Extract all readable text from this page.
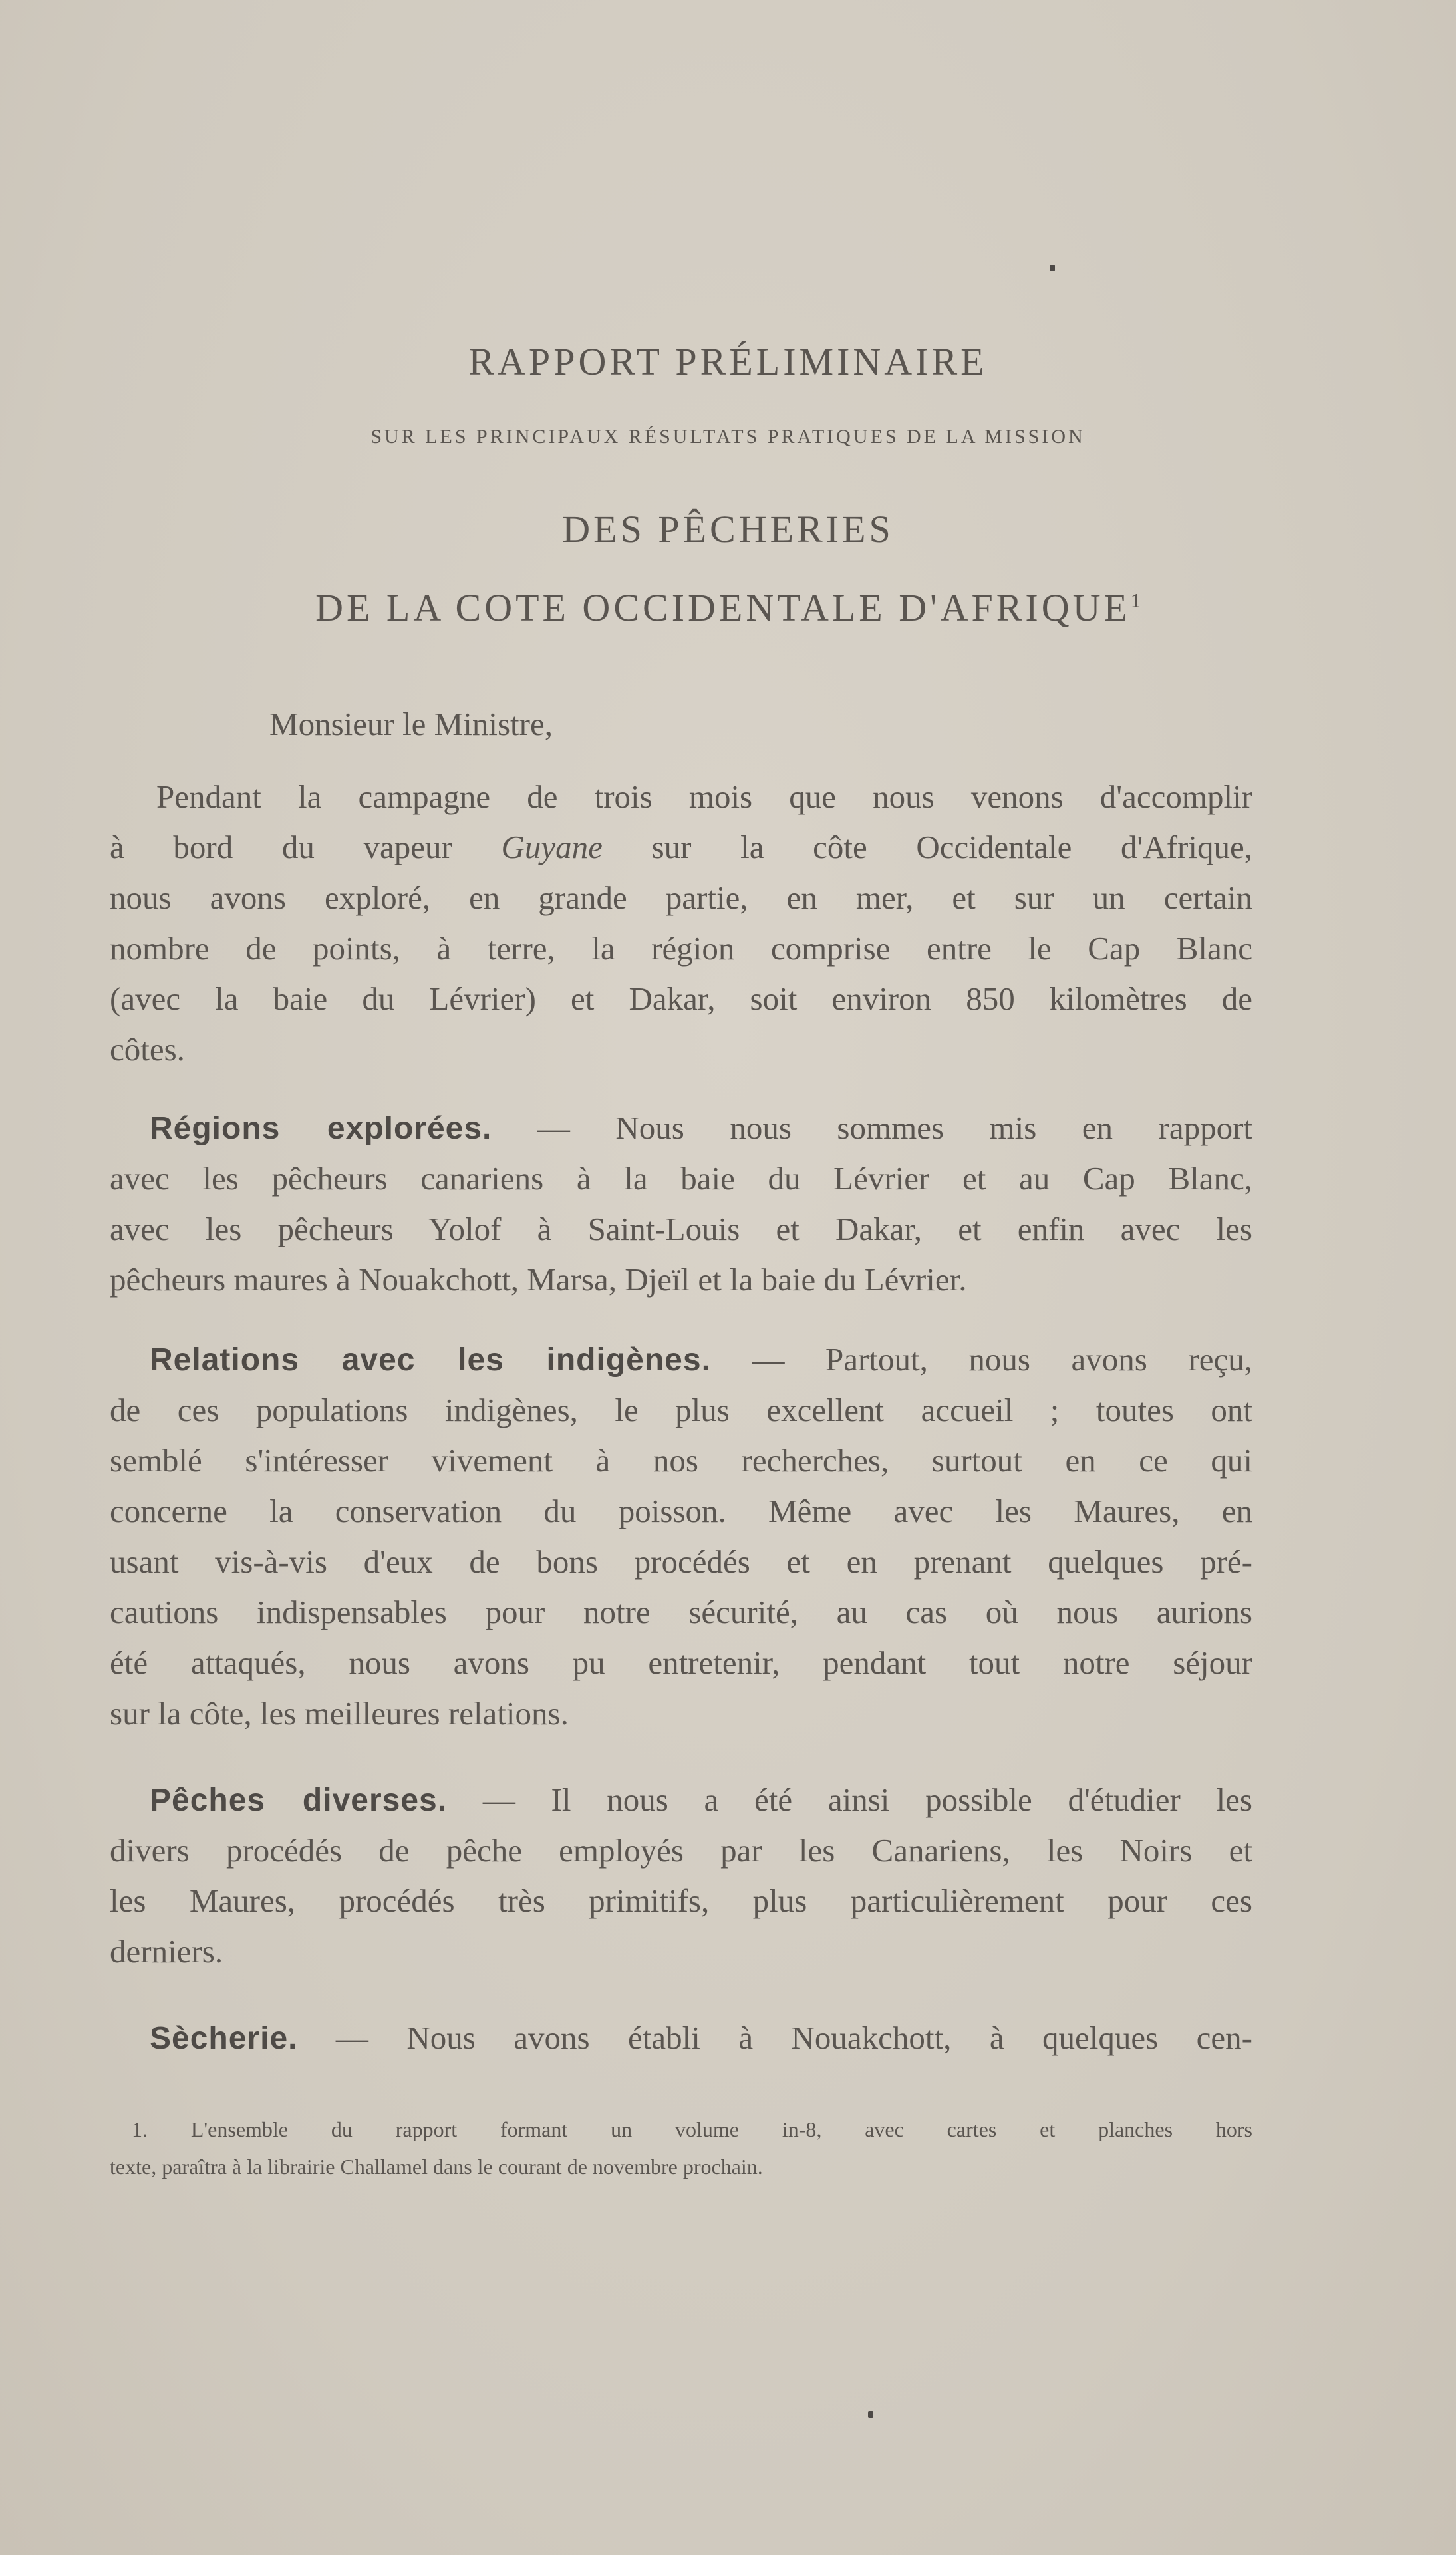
RAPPORT PRÉLIMINAIRE
SUR LES PRINCIPAUX RÉSULTATS PRATIQUES DE LA MISSION
DES PÊCHERIES
DE LA COTE OCCIDENTALE D'AFRIQUE$^1$
Monsieur le Ministre,
Pendant la campagne de trois mois que nous venons d'accomplir
à bord du vapeur Guyane sur la côte Occidentale d'Afrique,
nous avons exploré, en grande partie, en mer, et sur un certain
nombre de points, à terre, la région comprise entre le Cap Blanc
(avec la baie du Lévrier) et Dakar, soit environ 850 kilomètres de
côtes.
Régions explorées. — Nous nous sommes mis en rapport
avec les pêcheurs canariens à la baie du Lévrier et au Cap Blanc,
avec les pêcheurs Yolof à Saint-Louis et Dakar, et enfin avec les
pêcheurs maures à Nouakchott, Marsa, Djeïl et la baie du Lévrier.
Relations avec les indigènes. — Partout, nous avons reçu,
de ces populations indigènes, le plus excellent accueil ; toutes ont
semblé s'intéresser vivement à nos recherches, surtout en ce qui
concerne la conservation du poisson. Même avec les Maures, en
usant vis-à-vis d'eux de bons procédés et en prenant quelques pré-
cautions indispensables pour notre sécurité, au cas où nous aurions
été attaqués, nous avons pu entretenir, pendant tout notre séjour
sur la côte, les meilleures relations.
Pêches diverses. — Il nous a été ainsi possible d'étudier les
divers procédés de pêche employés par les Canariens, les Noirs et
les Maures, procédés très primitifs, plus particulièrement pour ces
derniers.
Sècherie. — Nous avons établi à Nouakchott, à quelques cen-
1. L'ensemble du rapport formant un volume in-8, avec cartes et planches hors
texte, paraîtra à la librairie Challamel dans le courant de novembre prochain.
